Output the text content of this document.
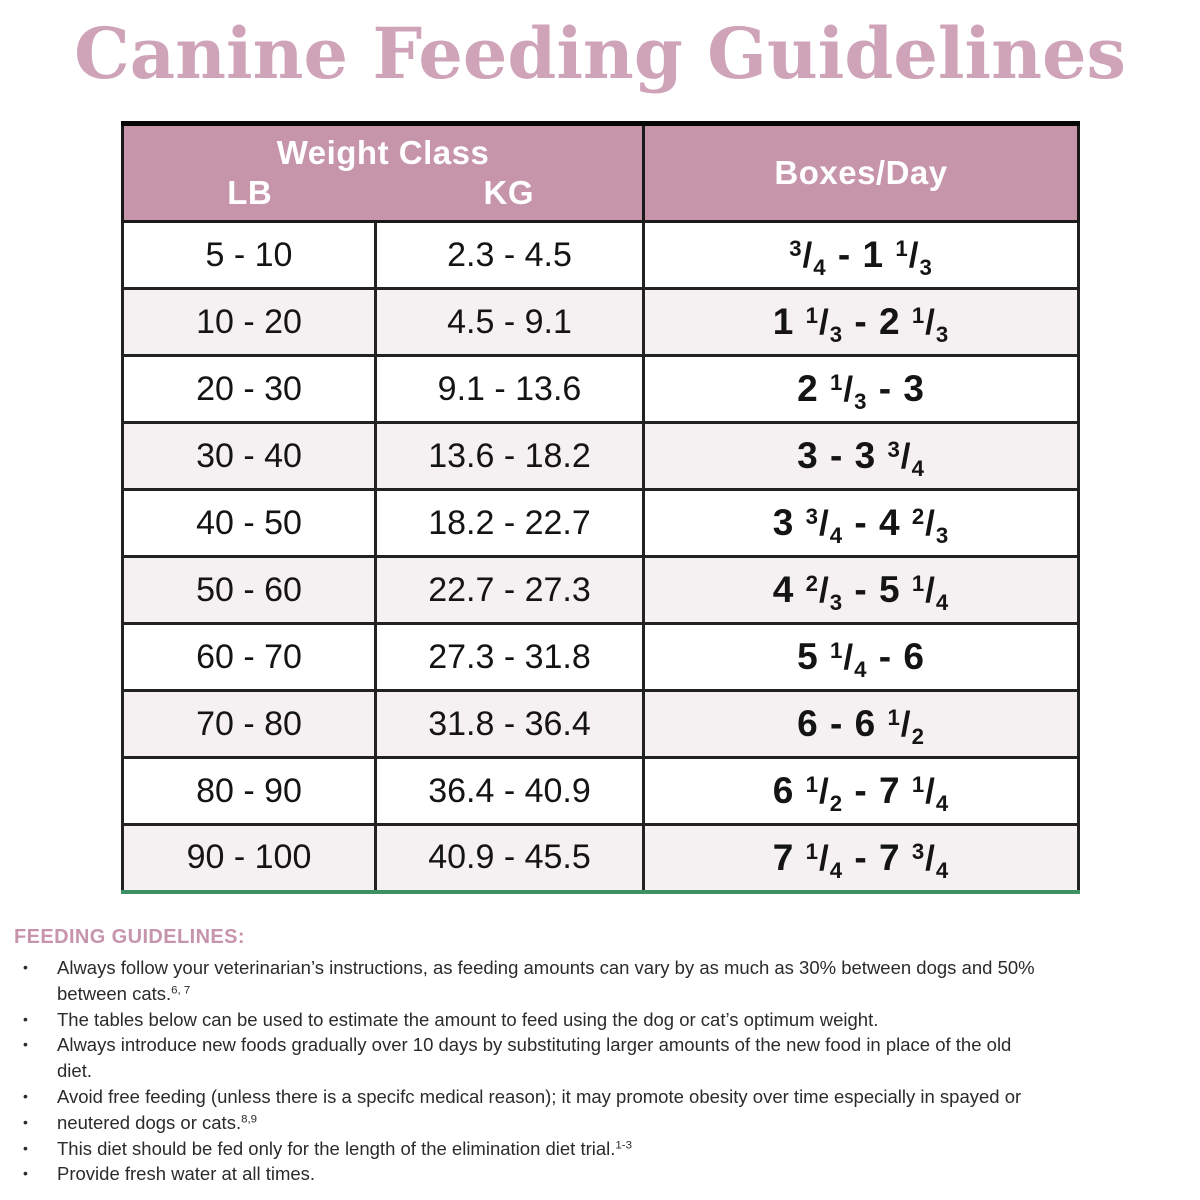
Canine Feeding Guidelines
Weight Class		Boxes/Day
LB	KG	
5 - 10	2.3 - 4.5	$^3/_4 - 1$ $^1/_3$
10 - 20	4.5 - 9.1	1 $^1/_3 - 2$ $^1/_3$
20 - 30	9.1 - 13.6	2 $^1/_3 - 3$
30 - 40	13.6 - 18.2	3 - 3 $^3/_4$
40 - 50	18.2 - 22.7	3 $^3/_4 - 4$ $^2/_3$
50 - 60	22.7 - 27.3	4 $^2/_3 - 5$ $^1/_4$
60 - 70	27.3 - 31.8	5 $^1/_4 - 6$
70 - 80	31.8 - 36.4	6 - 6 $^1/_2$
80 - 90	36.4 - 40.9	6 $^1/_2 - 7$ $^1/_4$
90 - 100	40.9 - 45.5	7 $^1/_4 - 7$ $^3/_4$
FEEDING GUIDELINES:
•	Always follow your veterinarian’s instructions, as feeding amounts can vary by as much as 30% between dogs and 50%
between cats.$^{6, 7}$
•	The tables below can be used to estimate the amount to feed using the dog or cat’s optimum weight.
•	Always introduce new foods gradually over 10 days by substituting larger amounts of the new food in place of the old
diet.
•	Avoid free feeding (unless there is a specifc medical reason); it may promote obesity over time especially in spayed or
•	neutered dogs or cats.$^{8,9}$
•	This diet should be fed only for the length of the elimination diet trial.$^{1-3}$
•	Provide fresh water at all times.
